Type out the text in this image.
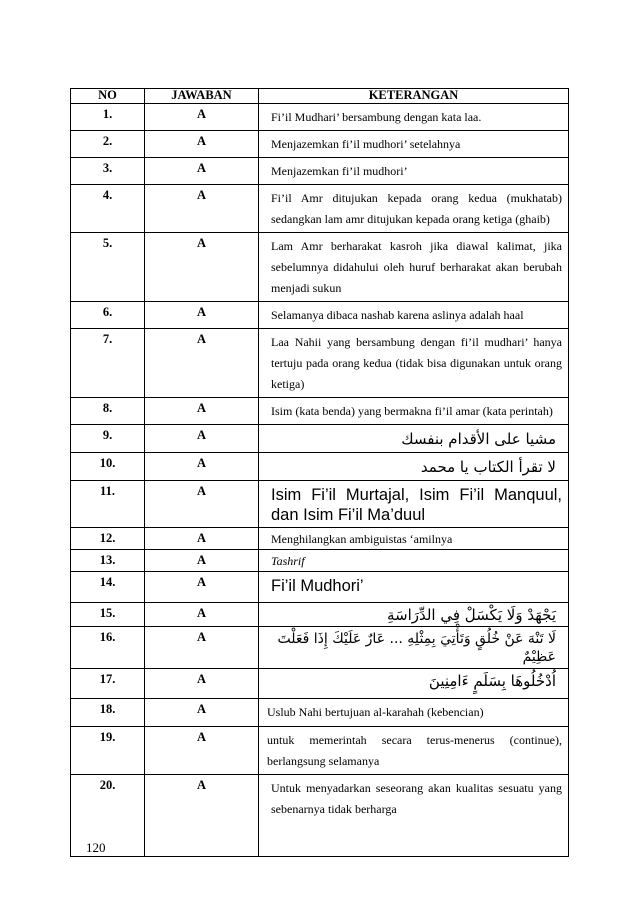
NO	JAWABAN	KETERANGAN
1.	A	Fi’il Mudhari’ bersambung dengan kata laa.
2.	A	Menjazemkan fi’il mudhori’ setelahnya
3.	A	Menjazemkan fi’il mudhori’
4.	A	Fi’il Amr ditujukan kepada orang kedua (mukhatab) sedangkan lam amr ditujukan kepada orang ketiga (ghaib)
5.	A	Lam Amr berharakat kasroh jika diawal kalimat, jika sebelumnya didahului oleh huruf berharakat akan berubah menjadi sukun
6.	A	Selamanya dibaca nashab karena aslinya adalah haal
7.	A	Laa Nahii yang bersambung dengan fi’il mudhari’ hanya tertuju pada orang kedua (tidak bisa digunakan untuk orang ketiga)
8.	A	Isim (kata benda) yang bermakna fi’il amar (kata perintah)
9.	A	مشيا على الأقدام بنفسك
10.	A	لا تقرأ الكتاب يا محمد
11.	A	Isim Fi’il Murtajal, Isim Fi’il Manquul, dan Isim Fi’il Ma’duul
12.	A	Menghilangkan ambiguistas ‘amilnya
13.	A	Tashrif
14.	A	Fi’il Mudhori’
15.	A	يَجْهَدْ وَلَا يَكْسَلْ فِي الدِّرَاسَةِ
16.	A	لَا تَنْهَ عَنْ خُلُقٍ وَتَأْتِيَ بِمِثْلِهِ ... عَارٌ عَلَيْكَ إِذَا فَعَلْتَ عَظِيْمٌ
17.	A	اُدْخُلُوهَا بِسَلَمٍ ءَامِنِينَ
18.	A	Uslub Nahi bertujuan al-karahah (kebencian)
19.	A	untuk memerintah secara terus-menerus (continue), berlangsung selamanya
20.	A	Untuk menyadarkan seseorang akan kualitas sesuatu yang sebenarnya tidak berharga
120
